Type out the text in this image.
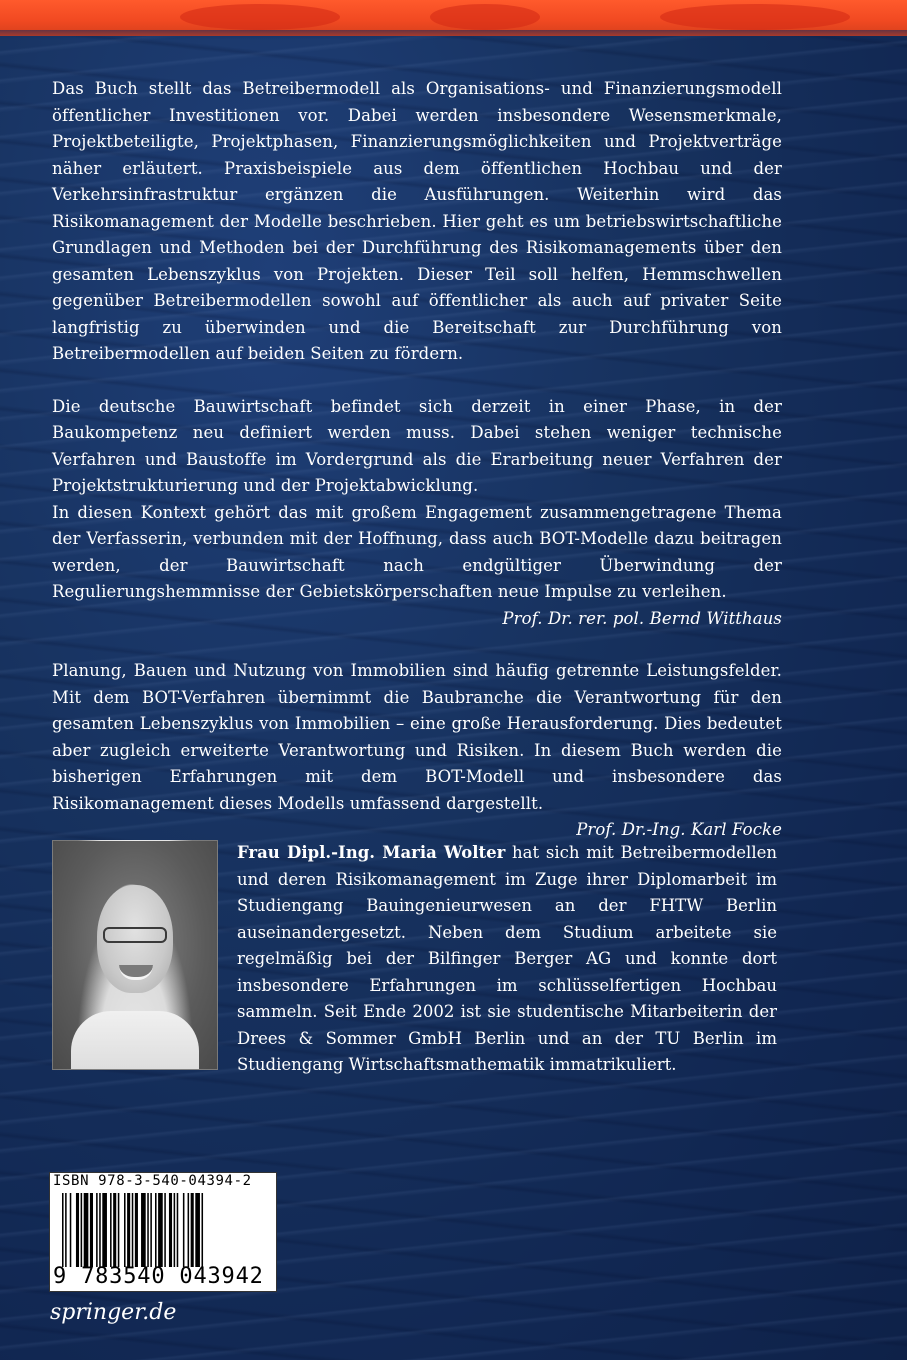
Das Buch stellt das Betreibermodell als Organisations- und Finanzierungsmodell öffentlicher Investitionen vor. Dabei werden insbesondere Wesensmerkmale, Projektbeteiligte, Projektphasen, Finanzierungsmöglichkeiten und Projektverträge näher erläutert. Praxisbeispiele aus dem öffentlichen Hochbau und der Verkehrsinfrastruktur ergänzen die Ausführungen. Weiterhin wird das Risikomanagement der Modelle beschrieben. Hier geht es um betriebswirtschaftliche Grundlagen und Methoden bei der Durchführung des Risikomanagements über den gesamten Lebenszyklus von Projekten. Dieser Teil soll helfen, Hemmschwellen gegenüber Betreibermodellen sowohl auf öffentlicher als auch auf privater Seite langfristig zu überwinden und die Bereitschaft zur Durchführung von Betreibermodellen auf beiden Seiten zu fördern.

Die deutsche Bauwirtschaft befindet sich derzeit in einer Phase, in der Baukompetenz neu definiert werden muss. Dabei stehen weniger technische Verfahren und Baustoffe im Vordergrund als die Erarbeitung neuer Verfahren der Projektstrukturierung und der Projektabwicklung.

In diesen Kontext gehört das mit großem Engagement zusammengetragene Thema der Verfasserin, verbunden mit der Hoffnung, dass auch BOT-Modelle dazu beitragen werden, der Bauwirtschaft nach endgültiger Überwindung der Regulierungshemmnisse der Gebietskörperschaften neue Impulse zu verleihen.

Prof. Dr. rer. pol. Bernd Witthaus

Planung, Bauen und Nutzung von Immobilien sind häufig getrennte Leistungsfelder. Mit dem BOT-Verfahren übernimmt die Baubranche die Verantwortung für den gesamten Lebenszyklus von Immobilien – eine große Herausforderung. Dies bedeutet aber zugleich erweiterte Verantwortung und Risiken. In diesem Buch werden die bisherigen Erfahrungen mit dem BOT-Modell und insbesondere das Risikomanagement dieses Modells umfassend dargestellt.

Prof. Dr.-Ing. Karl Focke

Frau Dipl.-Ing. Maria Wolter hat sich mit Betreibermodellen und deren Risikomanagement im Zuge ihrer Diplomarbeit im Studiengang Bauingenieurwesen an der FHTW Berlin auseinandergesetzt. Neben dem Studium arbeitete sie regelmäßig bei der Bilfinger Berger AG und konnte dort insbesondere Erfahrungen im schlüsselfertigen Hochbau sammeln. Seit Ende 2002 ist sie studentische Mitarbeiterin der Drees & Sommer GmbH Berlin und an der TU Berlin im Studiengang Wirtschaftsmathematik immatrikuliert.
ISBN 978-3-540-04394-2
9 783540 043942
springer.de
